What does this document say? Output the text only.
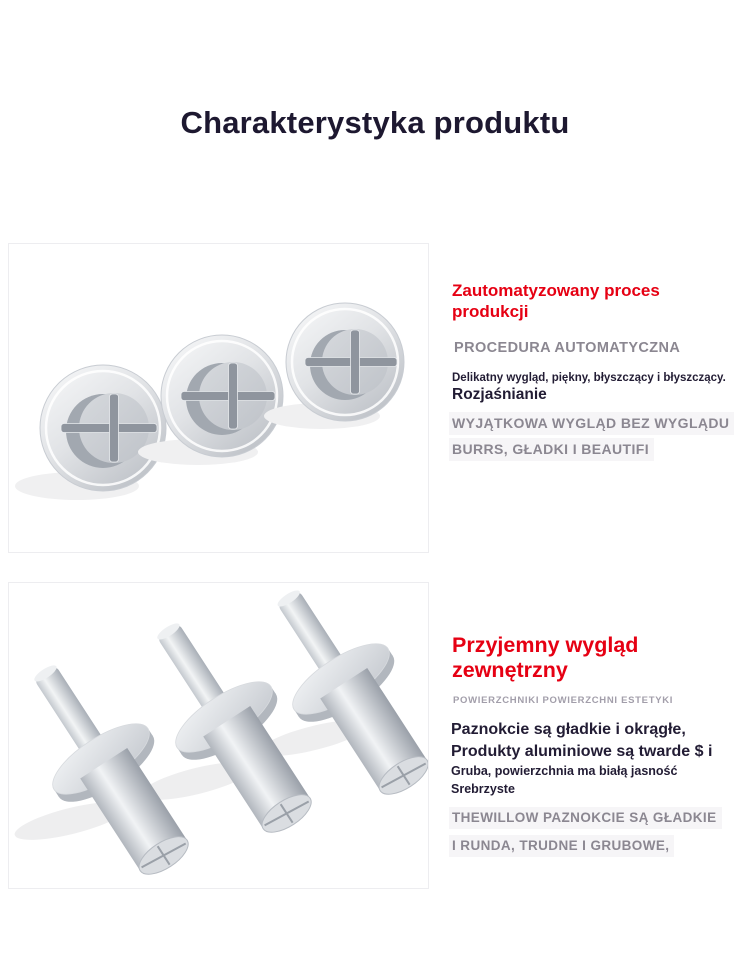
Charakterystyka produktu
Zautomatyzowany proces produkcji
PROCEDURA AUTOMATYCZNA
Delikatny wygląd, piękny, błyszczący i błyszczący.
Rozjaśnianie
WYJĄTKOWA WYGLĄD BEZ WYGLĄDU
BURRS, GŁADKI I BEAUTIFI
Przyjemny wygląd zewnętrzny
POWIERZCHNIKI POWIERZCHNI ESTETYKI
Paznokcie są gładkie i okrągłe,
Produkty aluminiowe są twarde $ i
Gruba, powierzchnia ma białą jasność
Srebrzyste
THEWILLOW PAZNOKCIE SĄ GŁADKIE
I RUNDA, TRUDNE I GRUBOWE,
